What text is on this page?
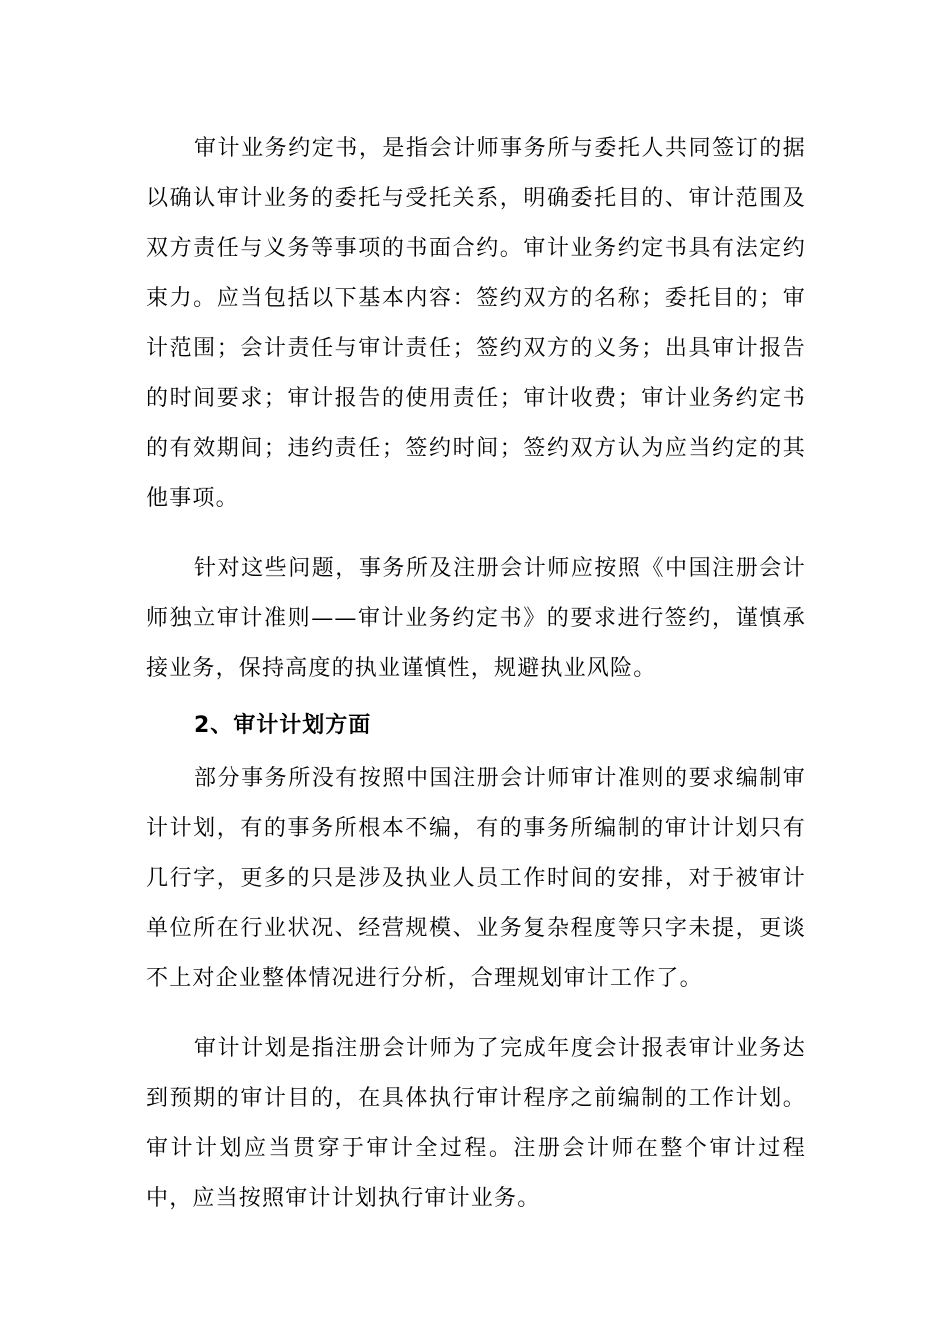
审计业务约定书，是指会计师事务所与委托人共同签订的据以确认审计业务的委托与受托关系，明确委托目的、审计范围及双方责任与义务等事项的书面合约。审计业务约定书具有法定约束力。应当包括以下基本内容：签约双方的名称；委托目的；审计范围；会计责任与审计责任；签约双方的义务；出具审计报告的时间要求；审计报告的使用责任；审计收费；审计业务约定书的有效期间；违约责任；签约时间；签约双方认为应当约定的其他事项。

针对这些问题，事务所及注册会计师应按照《中国注册会计师独立审计准则——审计业务约定书》的要求进行签约，谨慎承接业务，保持高度的执业谨慎性，规避执业风险。

2、审计计划方面

部分事务所没有按照中国注册会计师审计准则的要求编制审计计划，有的事务所根本不编，有的事务所编制的审计计划只有几行字，更多的只是涉及执业人员工作时间的安排，对于被审计单位所在行业状况、经营规模、业务复杂程度等只字未提，更谈不上对企业整体情况进行分析，合理规划审计工作了。

审计计划是指注册会计师为了完成年度会计报表审计业务达到预期的审计目的，在具体执行审计程序之前编制的工作计划。审计计划应当贯穿于审计全过程。注册会计师在整个审计过程中，应当按照审计计划执行审计业务。
